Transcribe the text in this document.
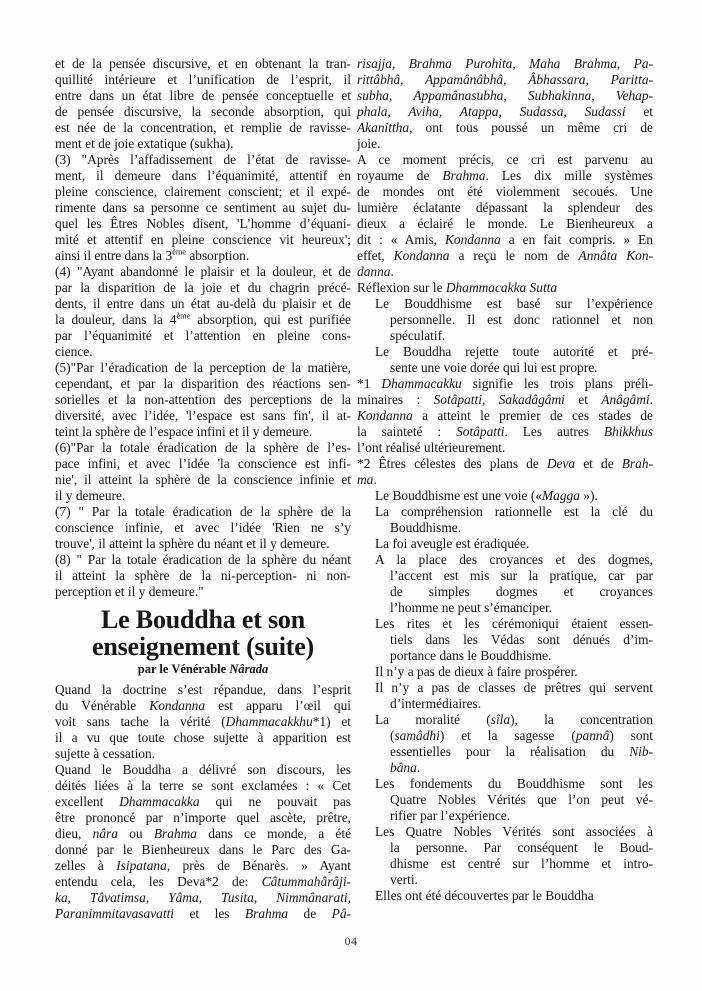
et de la pensée discursive, et en obtenant la tran-
quillité intérieure et l’unification de l’esprit, il
entre dans un état libre de pensée conceptuelle et
de pensée discursive, la seconde absorption, qui
est née de la concentration, et remplie de ravisse-
ment et de joie extatique (sukha).
(3) "Après l’affadissement de l’état de ravisse-
ment, il demeure dans l’équanimité, attentif en
pleine conscience, clairement conscient; et il expé-
rimente dans sa personne ce sentiment au sujet du-
quel les Êtres Nobles disent, 'L’homme d’équani-
mité et attentif en pleine conscience vit heureux';
ainsi il entre dans la 3ème absorption.
(4) "Ayant abandonné le plaisir et la douleur, et de
par la disparition de la joie et du chagrin précé-
dents, il entre dans un état au-delà du plaisir et de
la douleur, dans la 4ème absorption, qui est purifiée
par l’équanimité et l’attention en pleine cons-
cience.
(5)"Par l’éradication de la perception de la matière,
cependant, et par la disparition des réactions sen-
sorielles et la non-attention des perceptions de la
diversité, avec l’idée, 'l’espace est sans fin', il at-
teint la sphère de l’espace infini et il y demeure.
(6)"Par la totale éradication de la sphère de l’es-
pace infini, et avec l’idée 'la conscience est infi-
nie', il atteint la sphère de la conscience infinie et
il y demeure.
(7) " Par la totale éradication de la sphère de la
conscience infinie, et avec l’idée 'Rien ne s’y
trouve', il atteint la sphère du néant et il y demeure.
(8) " Par la totale éradication de la sphère du néant
il atteint la sphère de la ni-perception- ni non-
perception et il y demeure."
Le Bouddha et son
enseignement (suite)
par le Vénérable Nârada
Quand la doctrine s’est répandue, dans l’esprit
du Vénérable Kondanna est apparu l’œil qui
voit sans tache la vérité (Dhammacakkhu*1) et
il a vu que toute chose sujette à apparition est
sujette à cessation.
Quand le Bouddha a délivré son discours, les
déités liées à la terre se sont exclamées : « Cet
excellent Dhammacakka qui ne pouvait pas
être prononcé par n’importe quel ascète, prêtre,
dieu, nâra ou Brahma dans ce monde, a été
donné par le Bienheureux dans le Parc des Ga-
zelles à Isipatana, près de Bénarès. » Ayant
entendu cela, les Deva*2 de: Câtummahârâji-
ka, Tâvatimsa, Yâma, Tusita, Nimmânarati,
Paranimmitavasavatti et les Brahma de Pâ-
risajja, Brahma Purohita, Maha Brahma, Pa-
rittâbhâ, Appamânâbhâ, Âbhassara, Paritta-
subha, Appamânasubha, Subhakinna, Vehap-
phala, Aviha, Atappa, Sudassa, Sudassi et
Akanittha, ont tous poussé un même cri de
joie.
A ce moment précis, ce cri est parvenu au
royaume de Brahma. Les dix mille systèmes
de mondes ont été violemment secoués. Une
lumière éclatante dépassant la splendeur des
dieux a éclairé le monde. Le Bienheureux a
dit : « Amis, Kondanna a en fait compris. » En
effet, Kondanna a reçu le nom de Annâta Kon-
danna.
Réflexion sur le Dhammacakka Sutta
Le Bouddhisme est basé sur l’expérience
personnelle. Il est donc rationnel et non
spéculatif.
Le Bouddha rejette toute autorité et pré-
sente une voie dorée qui lui est propre.
*1 Dhammacakku signifie les trois plans préli-
minaires : Sotâpatti, Sakadâgâmi et Anâgâmi.
Kondanna a atteint le premier de ces stades de
la sainteté : Sotâpatti. Les autres Bhikkhus
l’ont réalisé ultérieurement.
*2 Êtres célestes des plans de Deva et de Brah-
ma.
Le Bouddhisme est une voie («Magga »).
La compréhension rationnelle est la clé du
Bouddhisme.
La foi aveugle est éradiquée.
A la place des croyances et des dogmes,
l’accent est mis sur la pratique, car par
de simples dogmes et croyances
l’homme ne peut s’émanciper.
Les rites et les cérémoniqui étaient essen-
tiels dans les Védas sont dénués d’im-
portance dans le Bouddhisme.
Il n’y a pas de dieux à faire prospérer.
Il n’y a pas de classes de prêtres qui servent
d’intermédiaires.
La moralité (sîla), la concentration
(samâdhi) et la sagesse (pannâ) sont
essentielles pour la réalisation du Nib-
bâna.
Les fondements du Bouddhisme sont les
Quatre Nobles Vérités que l’on peut vé-
rifier par l’expérience.
Les Quatre Nobles Vérités sont associées à
la personne. Par conséquent le Boud-
dhisme est centré sur l’homme et intro-
verti.
Elles ont été découvertes par le Bouddha
04
